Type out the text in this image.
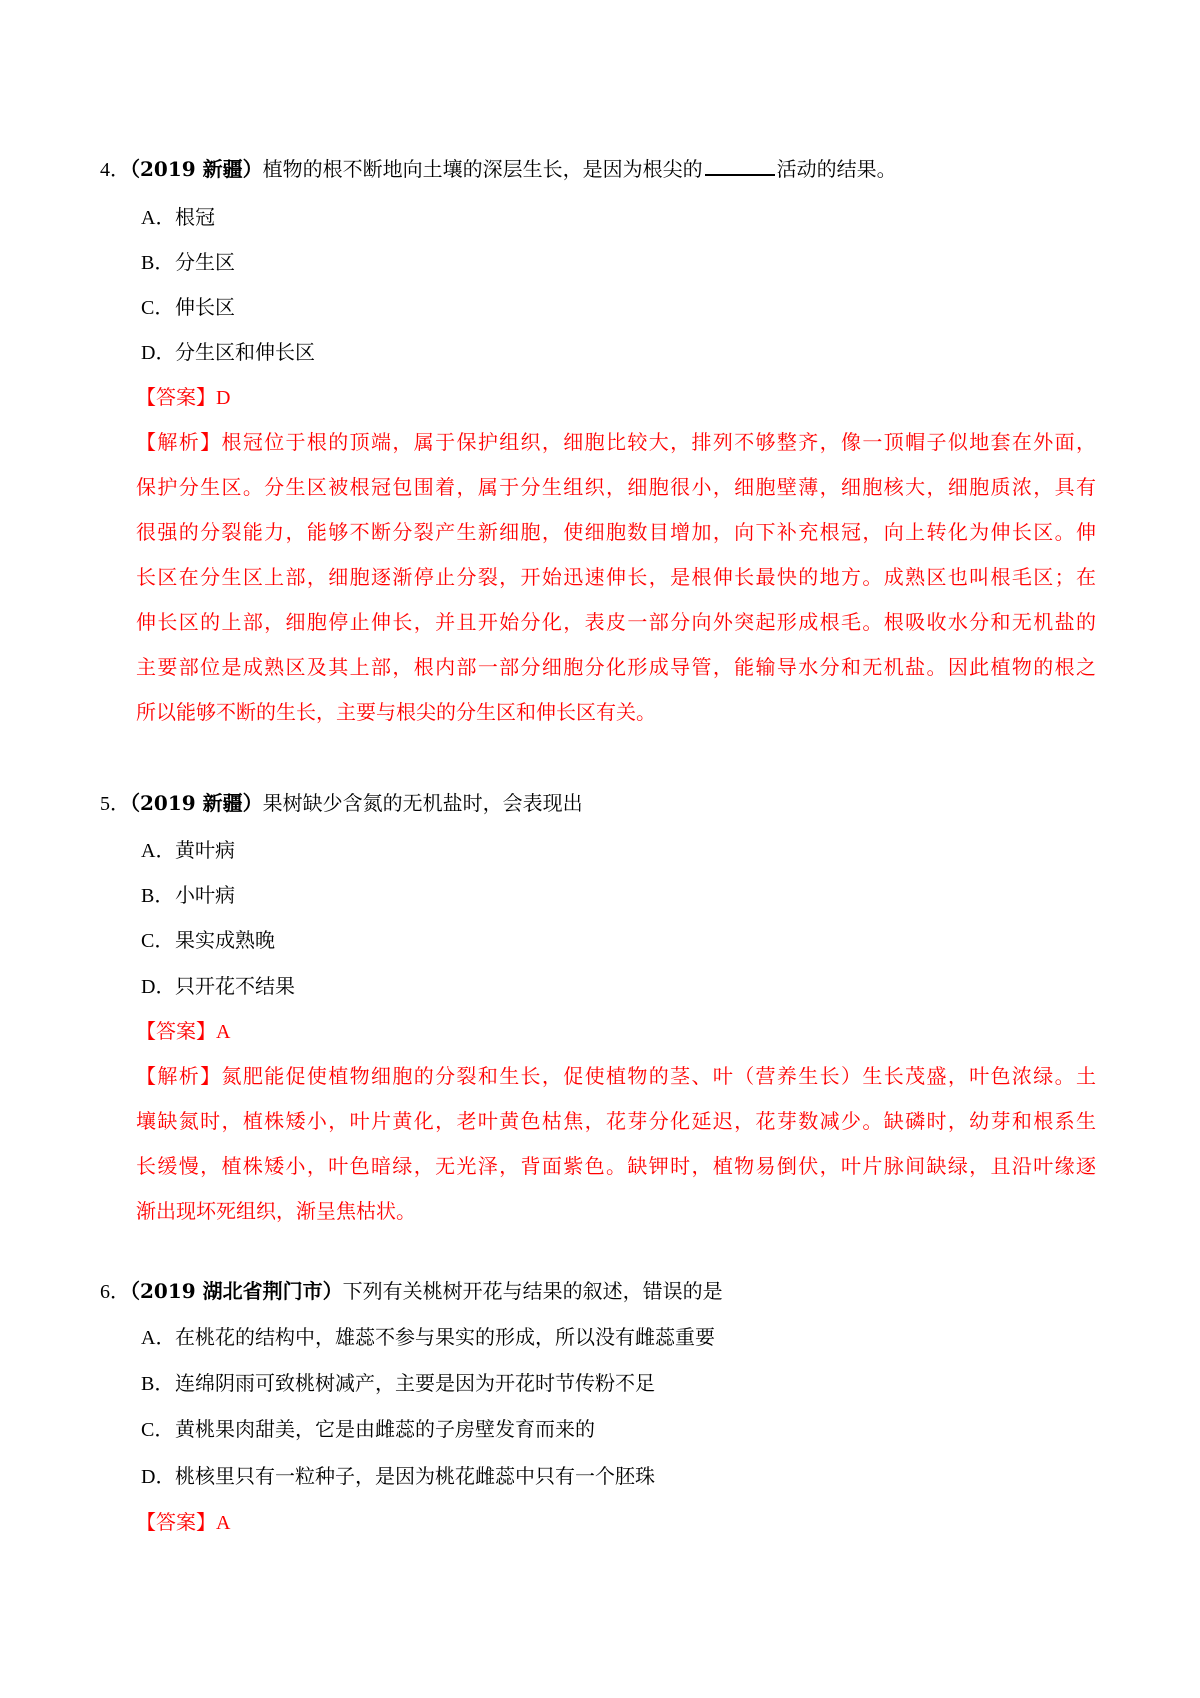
4．（2019 新疆）植物的根不断地向土壤的深层生长，是因为根尖的	活动的结果。
A．根冠
B．分生区
C．伸长区
D．分生区和伸长区
【答案】D
【解析】根冠位于根的顶端，属于保护组织，细胞比较大，排列不够整齐，像一顶帽子似地套在外面，
保护分生区。分生区被根冠包围着，属于分生组织，细胞很小，细胞壁薄，细胞核大，细胞质浓，具有
很强的分裂能力，能够不断分裂产生新细胞，使细胞数目增加，向下补充根冠，向上转化为伸长区。伸
长区在分生区上部，细胞逐渐停止分裂，开始迅速伸长，是根伸长最快的地方。成熟区也叫根毛区；在
伸长区的上部，细胞停止伸长，并且开始分化，表皮一部分向外突起形成根毛。根吸收水分和无机盐的
主要部位是成熟区及其上部，根内部一部分细胞分化形成导管，能输导水分和无机盐。因此植物的根之
所以能够不断的生长，主要与根尖的分生区和伸长区有关。
5．（2019 新疆）果树缺少含氮的无机盐时，会表现出
A．黄叶病
B．小叶病
C．果实成熟晚
D．只开花不结果
【答案】A
【解析】氮肥能促使植物细胞的分裂和生长，促使植物的茎、叶（营养生长）生长茂盛，叶色浓绿。土
壤缺氮时，植株矮小，叶片黄化，老叶黄色枯焦，花芽分化延迟，花芽数减少。缺磷时，幼芽和根系生
长缓慢，植株矮小，叶色暗绿，无光泽，背面紫色。缺钾时，植物易倒伏，叶片脉间缺绿，且沿叶缘逐
渐出现坏死组织，渐呈焦枯状。
6．（2019 湖北省荆门市）下列有关桃树开花与结果的叙述，错误的是
A．在桃花的结构中，雄蕊不参与果实的形成，所以没有雌蕊重要
B．连绵阴雨可致桃树减产，主要是因为开花时节传粉不足
C．黄桃果肉甜美，它是由雌蕊的子房壁发育而来的
D．桃核里只有一粒种子，是因为桃花雌蕊中只有一个胚珠
【答案】A
